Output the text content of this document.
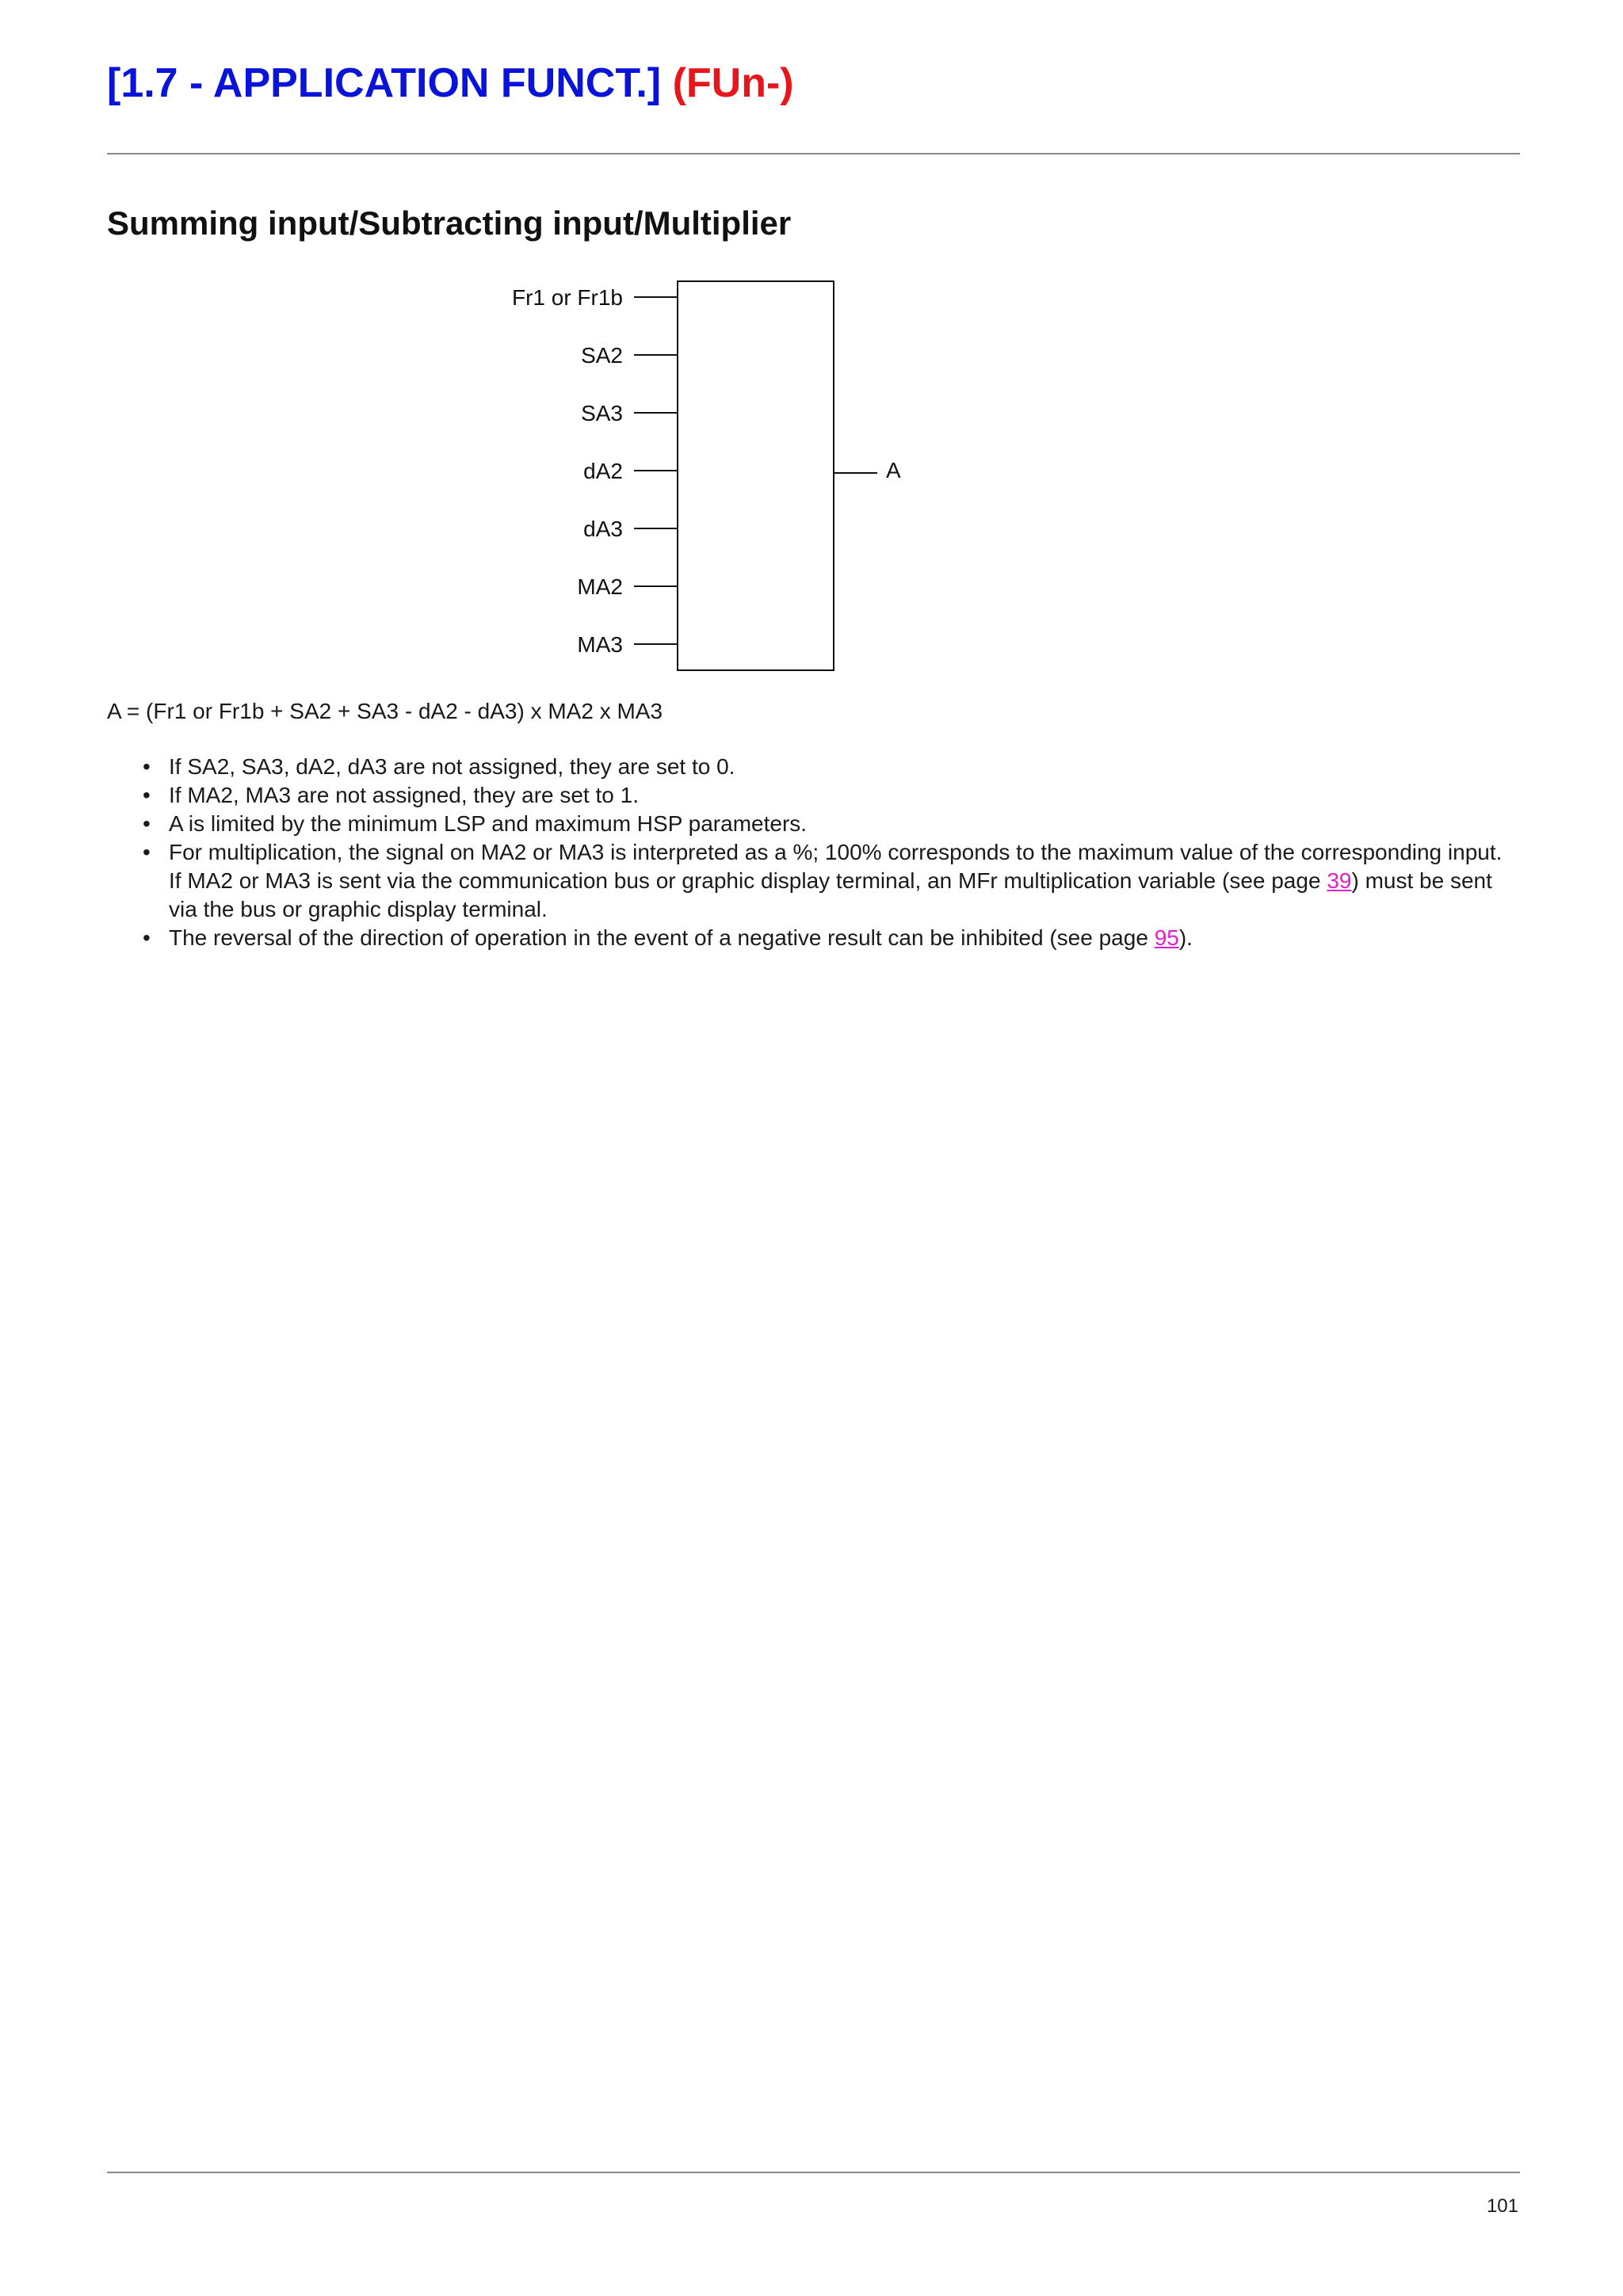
[1.7 - APPLICATION FUNCT.] (FUn-)
Summing input/Subtracting input/Multiplier
Fr1 or Fr1b
SA2
SA3
dA2
dA3
MA2
MA3
A
A = (Fr1 or Fr1b + SA2 + SA3 - dA2 - dA3) x MA2 x MA3
• If SA2, SA3, dA2, dA3 are not assigned, they are set to 0.
• If MA2, MA3 are not assigned, they are set to 1.
• A is limited by the minimum LSP and maximum HSP parameters.
• For multiplication, the signal on MA2 or MA3 is interpreted as a %; 100% corresponds to the maximum value of the corresponding input. If MA2 or MA3 is sent via the communication bus or graphic display terminal, an MFr multiplication variable (see page 39) must be sent via the bus or graphic display terminal.
• The reversal of the direction of operation in the event of a negative result can be inhibited (see page 95).
101
